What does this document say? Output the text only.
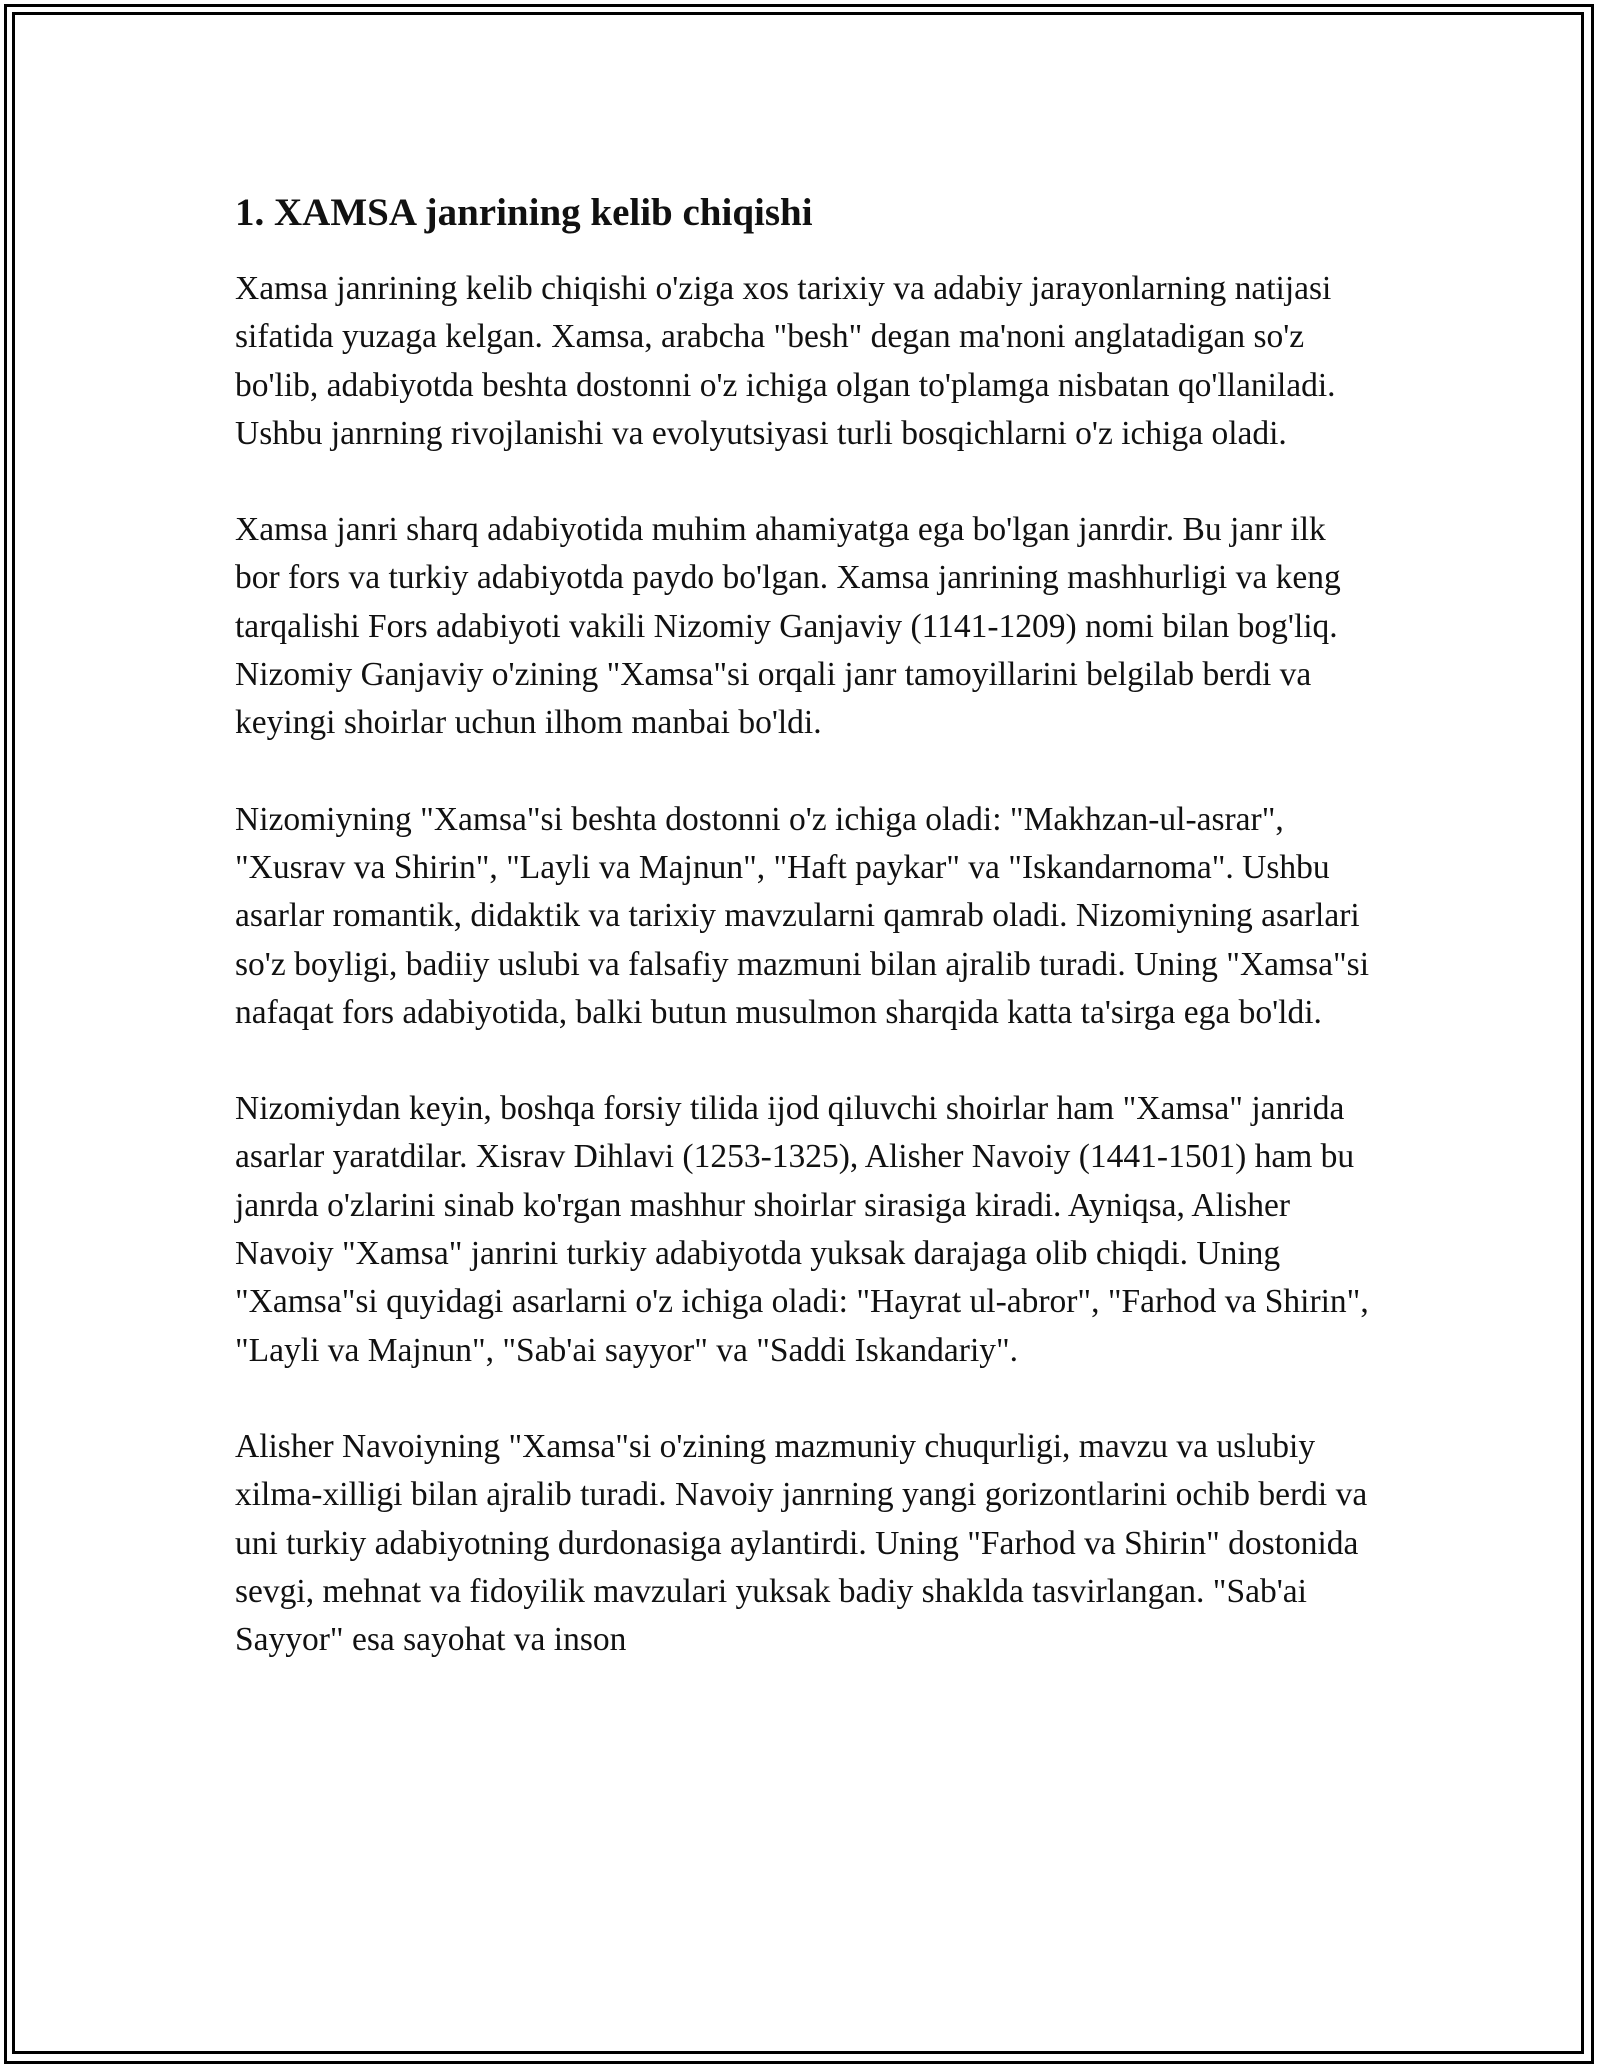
1. XAMSA janrining kelib chiqishi

Xamsa janrining kelib chiqishi o'ziga xos tarixiy va adabiy jarayonlarning natijasi sifatida yuzaga kelgan. Xamsa, arabcha "besh" degan ma'noni anglatadigan so'z bo'lib, adabiyotda beshta dostonni o'z ichiga olgan to'plamga nisbatan qo'llaniladi. Ushbu janrning rivojlanishi va evolyutsiyasi turli bosqichlarni o'z ichiga oladi.

Xamsa janri sharq adabiyotida muhim ahamiyatga ega bo'lgan janrdir. Bu janr ilk bor fors va turkiy adabiyotda paydo bo'lgan. Xamsa janrining mashhurligi va keng tarqalishi Fors adabiyoti vakili Nizomiy Ganjaviy (1141-1209) nomi bilan bog'liq. Nizomiy Ganjaviy o'zining "Xamsa"si orqali janr tamoyillarini belgilab berdi va keyingi shoirlar uchun ilhom manbai bo'ldi.

Nizomiyning "Xamsa"si beshta dostonni o'z ichiga oladi: "Makhzan-ul-asrar", "Xusrav va Shirin", "Layli va Majnun", "Haft paykar" va "Iskandarnoma". Ushbu asarlar romantik, didaktik va tarixiy mavzularni qamrab oladi. Nizomiyning asarlari so'z boyligi, badiiy uslubi va falsafiy mazmuni bilan ajralib turadi. Uning "Xamsa"si nafaqat fors adabiyotida, balki butun musulmon sharqida katta ta'sirga ega bo'ldi.

Nizomiydan keyin, boshqa forsiy tilida ijod qiluvchi shoirlar ham "Xamsa" janrida asarlar yaratdilar. Xisrav Dihlavi (1253-1325), Alisher Navoiy (1441-1501) ham bu janrda o'zlarini sinab ko'rgan mashhur shoirlar sirasiga kiradi. Ayniqsa, Alisher Navoiy "Xamsa" janrini turkiy adabiyotda yuksak darajaga olib chiqdi. Uning "Xamsa"si quyidagi asarlarni o'z ichiga oladi: "Hayrat ul-abror", "Farhod va Shirin", "Layli va Majnun", "Sab'ai sayyor" va "Saddi Iskandariy".

Alisher Navoiyning "Xamsa"si o'zining mazmuniy chuqurligi, mavzu va uslubiy xilma-xilligi bilan ajralib turadi. Navoiy janrning yangi gorizontlarini ochib berdi va uni turkiy adabiyotning durdonasiga aylantirdi. Uning "Farhod va Shirin" dostonida sevgi, mehnat va fidoyilik mavzulari yuksak badiy shaklda tasvirlangan. "Sab'ai Sayyor" esa sayohat va inson
